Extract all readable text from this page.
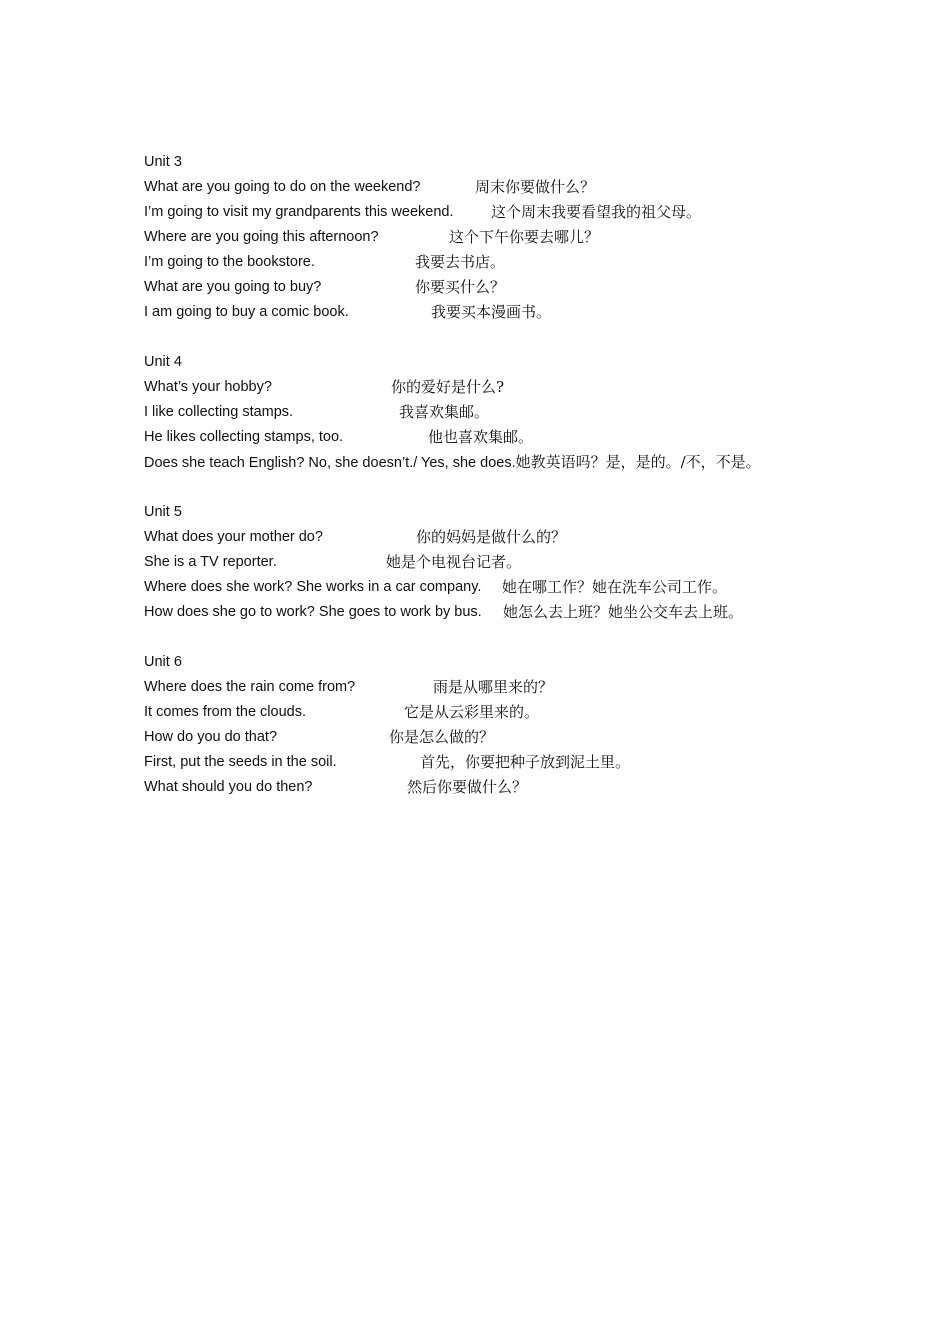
Unit 3
What are you going to do on the weekend?	周末你要做什么？
I’m going to visit my grandparents this weekend.	这个周末我要看望我的祖父母。
Where are you going this afternoon?	这个下午你要去哪儿？
I’m going to the bookstore.	我要去书店。
What are you going to buy?	你要买什么？
I am going to buy a comic book.	我要买本漫画书。
Unit 4
What’s your hobby?	你的爱好是什么?
I like collecting stamps.	我喜欢集邮。
He likes collecting stamps, too.	他也喜欢集邮。
Does she teach English? No, she doesn’t./ Yes, she does.她教英语吗？是，是的。/不，不是。
Unit 5
What does your mother do?	你的妈妈是做什么的？
She is a TV reporter.	她是个电视台记者。
Where does she work? She works in a car company. 她在哪工作？她在洗车公司工作。
How does she go to work? She goes to work by bus. 她怎么去上班？她坐公交车去上班。
Unit 6
Where does the rain come from?	雨是从哪里来的？
It comes from the clouds.	它是从云彩里来的。
How do you do that?	你是怎么做的？
First, put the seeds in the soil.	首先，你要把种子放到泥土里。
What should you do then?	然后你要做什么？
